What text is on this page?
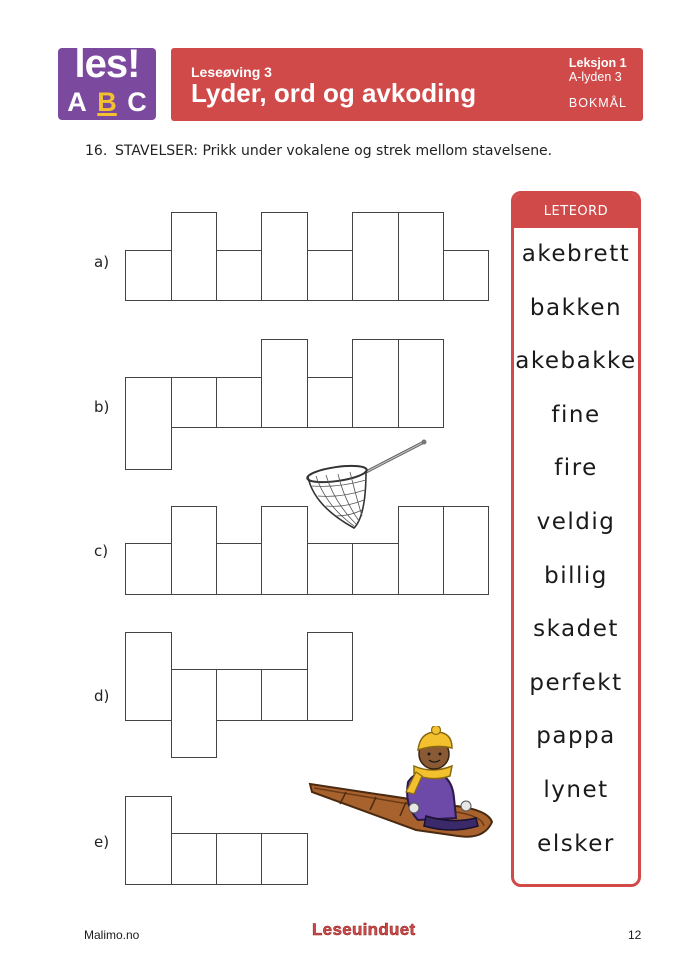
les!
A B C
Leseøving 3
Lyder, ord og avkoding
Leksjon 1
A-lyden 3
BOKMÅL
16. STAVELSER: Prikk under vokalene og strek mellom stavelsene.
a)
b)
c)
d)
e)
LETEORD
akebrett
bakken
akebakke
fine
fire
veldig
billig
skadet
perfekt
pappa
lynet
elsker
Malimo.no	Leseuinduet	12
